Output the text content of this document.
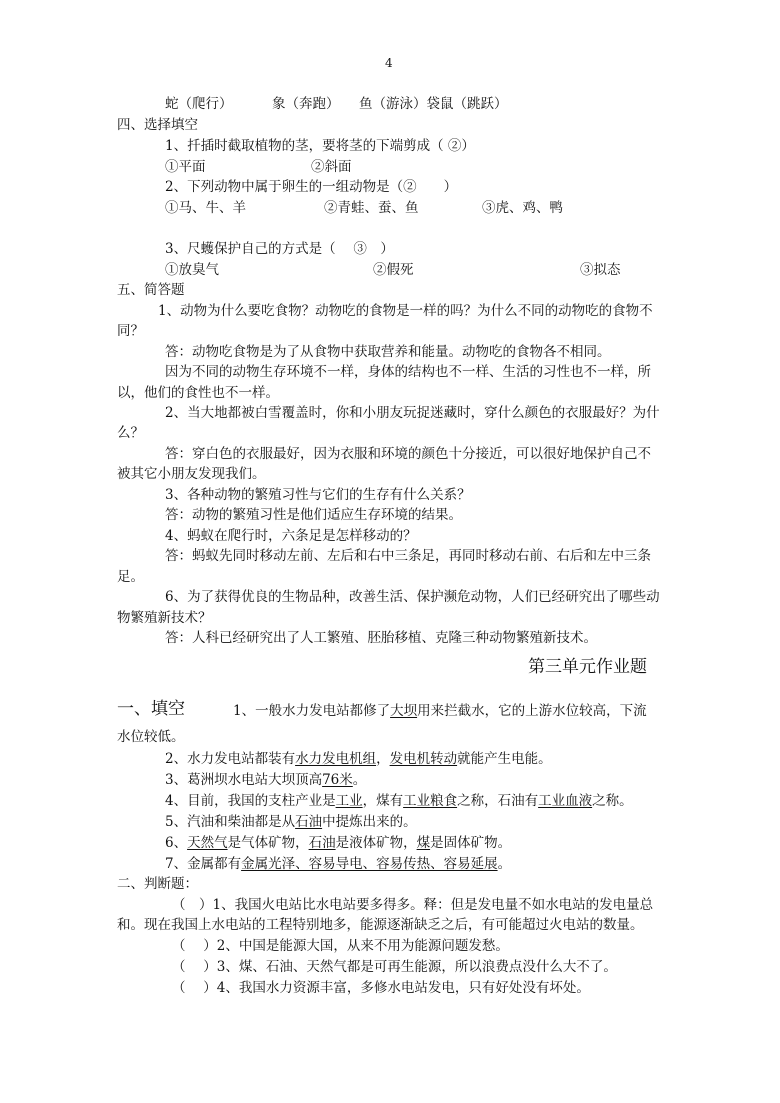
4
蛇（爬行）	象（奔跑） 鱼（游泳）袋鼠（跳跃）
四、选择填空
1、扦插时截取植物的茎，要将茎的下端剪成（ ②）
①平面	②斜面
2、下列动物中属于卵生的一组动物是（②　　）
①马、牛、羊	②青蛙、蚕、鱼	③虎、鸡、鸭
3、尺蠖保护自己的方式是（　 ③　）
①放臭气	②假死	③拟态
五、简答题
1、动物为什么要吃食物？动物吃的食物是一样的吗？为什么不同的动物吃的食物不
同？
答：动物吃食物是为了从食物中获取营养和能量。动物吃的食物各不相同。
因为不同的动物生存环境不一样，身体的结构也不一样、生活的习性也不一样，所
以，他们的食性也不一样。
2、当大地都被白雪覆盖时，你和小朋友玩捉迷藏时，穿什么颜色的衣服最好？为什
么？
答：穿白色的衣服最好，因为衣服和环境的颜色十分接近，可以很好地保护自己不
被其它小朋友发现我们。
3、各种动物的繁殖习性与它们的生存有什么关系？
答：动物的繁殖习性是他们适应生存环境的结果。
4、蚂蚁在爬行时，六条足是怎样移动的？
答：蚂蚁先同时移动左前、左后和右中三条足，再同时移动右前、右后和左中三条
足。
6、为了获得优良的生物品种，改善生活、保护濒危动物，人们已经研究出了哪些动
物繁殖新技术？
答：人科已经研究出了人工繁殖、胚胎移植、克隆三种动物繁殖新技术。
第三单元作业题
一、填空	1、一般水力发电站都修了大坝用来拦截水，它的上游水位较高，下流
水位较低。
2、水力发电站都装有水力发电机组，发电机转动就能产生电能。
3、葛洲坝水电站大坝顶高76米。
4、目前，我国的支柱产业是工业，煤有工业粮食之称，石油有工业血液之称。
5、汽油和柴油都是从石油中提炼出来的。
6、天然气是气体矿物，石油是液体矿物，煤是固体矿物。
7、金属都有金属光泽、容易导电、容易传热、容易延展。
二、判断题：
（　）1、我国火电站比水电站要多得多。释：但是发电量不如水电站的发电量总
和。现在我国上水电站的工程特别地多，能源逐渐缺乏之后，有可能超过火电站的数量。
（　 ）2、中国是能源大国，从来不用为能源问题发愁。
（　 ）3、煤、石油、天然气都是可再生能源，所以浪费点没什么大不了。
（　 ）4、我国水力资源丰富，多修水电站发电，只有好处没有坏处。
